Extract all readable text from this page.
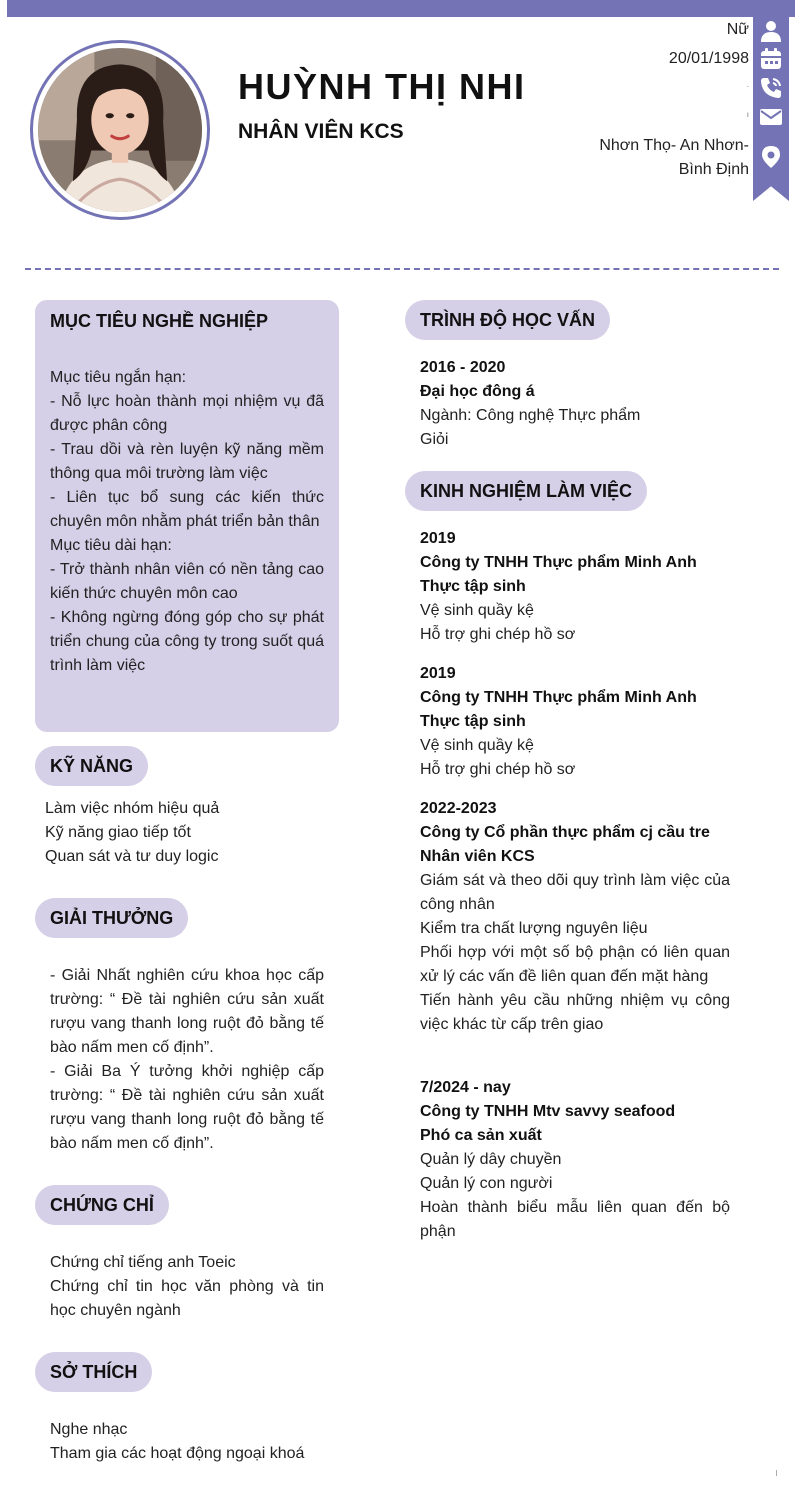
HUỲNH THỊ NHI
NHÂN VIÊN KCS
Nữ
20/01/1998
.
ı
Nhơn Thọ- An Nhơn- Bình Định
MỤC TIÊU NGHỀ NGHIỆP
Mục tiêu ngắn hạn:
- Nỗ lực hoàn thành mọi nhiệm vụ đã được phân công
- Trau dồi và rèn luyện kỹ năng mềm thông qua môi trường làm việc
- Liên tục bổ sung các kiến thức chuyên môn nhằm phát triển bản thân
Mục tiêu dài hạn:
- Trở thành nhân viên có nền tảng cao kiến thức chuyên môn cao
- Không ngừng đóng góp cho sự phát triển chung của công ty trong suốt quá trình làm việc
KỸ NĂNG
Làm việc nhóm hiệu quả
Kỹ năng giao tiếp tốt
Quan sát và tư duy logic
GIẢI THƯỞNG
- Giải Nhất nghiên cứu khoa học cấp trường: “ Đề tài nghiên cứu sản xuất rượu vang thanh long ruột đỏ bằng tế bào nấm men cố định”.
- Giải Ba Ý tưởng khởi nghiệp cấp trường: “ Đề tài nghiên cứu sản xuất rượu vang thanh long ruột đỏ bằng tế bào nấm men cố định”.
CHỨNG CHỈ
Chứng chỉ tiếng anh Toeic
Chứng chỉ tin học văn phòng và tin học chuyên ngành
SỞ THÍCH
Nghe nhạc
Tham gia các hoạt động ngoại khoá
TRÌNH ĐỘ HỌC VẤN
2016 - 2020
Đại học đông á
Ngành: Công nghệ Thực phẩm
Giỏi
KINH NGHIỆM LÀM VIỆC
2019
Công ty TNHH Thực phẩm Minh Anh
Thực tập sinh
Vệ sinh quầy kệ
Hỗ trợ ghi chép hồ sơ
2019
Công ty TNHH Thực phẩm Minh Anh
Thực tập sinh
Vệ sinh quầy kệ
Hỗ trợ ghi chép hồ sơ
2022-2023
Công ty Cổ phần thực phẩm cj cầu tre
Nhân viên KCS
Giám sát và theo dõi quy trình làm việc của công nhân
Kiểm tra chất lượng nguyên liệu
Phối hợp với một số bộ phận có liên quan xử lý các vấn đề liên quan đến mặt hàng
Tiến hành yêu cầu những nhiệm vụ công việc khác từ cấp trên giao
7/2024 - nay
Công ty TNHH Mtv savvy seafood
Phó ca sản xuất
Quản lý dây chuyền
Quản lý con người
Hoàn thành biểu mẫu liên quan đến bộ phận
